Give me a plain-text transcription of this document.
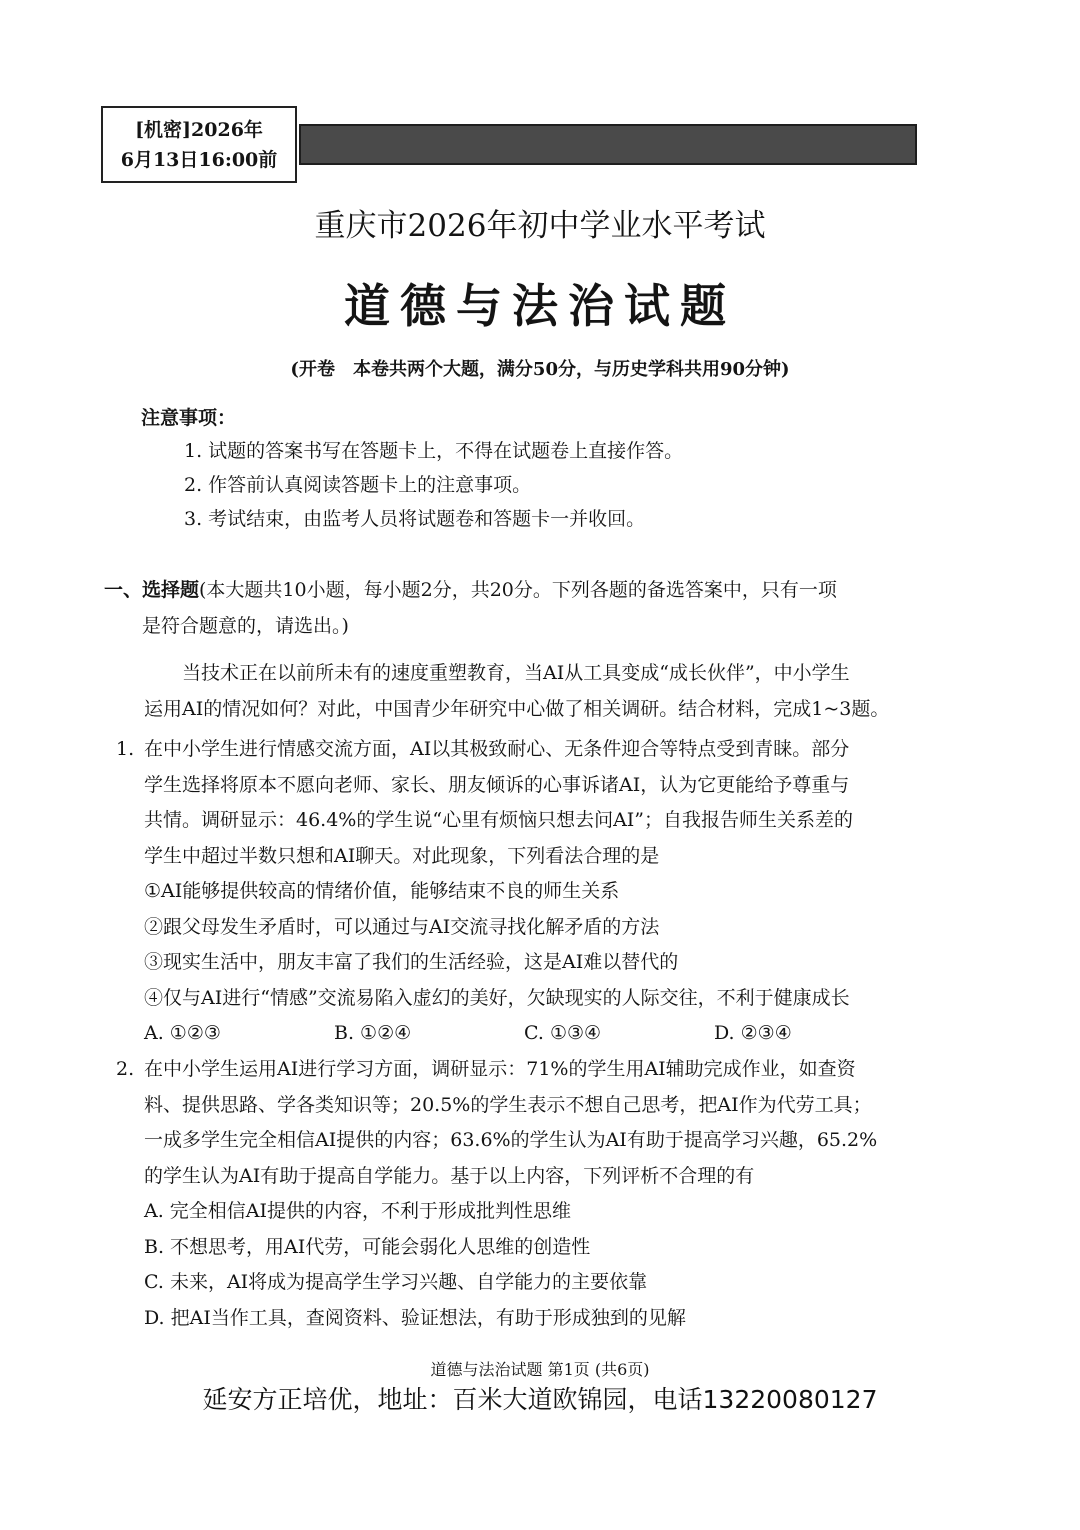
[机密]2026年
6月13日16:00前
重庆市2026年初中学业水平考试
道德与法治试题
(开卷　本卷共两个大题，满分50分，与历史学科共用90分钟)
注意事项：
1. 试题的答案书写在答题卡上，不得在试题卷上直接作答。
2. 作答前认真阅读答题卡上的注意事项。
3. 考试结束，由监考人员将试题卷和答题卡一并收回。
一、选择题(本大题共10小题，每小题2分，共20分。下列各题的备选答案中，只有一项
是符合题意的，请选出。)
当技术正在以前所未有的速度重塑教育，当AI从工具变成“成长伙伴”，中小学生
运用AI的情况如何？对此，中国青少年研究中心做了相关调研。结合材料，完成1~3题。
1. 在中小学生进行情感交流方面，AI以其极致耐心、无条件迎合等特点受到青睐。部分
学生选择将原本不愿向老师、家长、朋友倾诉的心事诉诸AI，认为它更能给予尊重与
共情。调研显示：46.4%的学生说“心里有烦恼只想去问AI”；自我报告师生关系差的
学生中超过半数只想和AI聊天。对此现象，下列看法合理的是
①AI能够提供较高的情绪价值，能够结束不良的师生关系
②跟父母发生矛盾时，可以通过与AI交流寻找化解矛盾的方法
③现实生活中，朋友丰富了我们的生活经验，这是AI难以替代的
④仅与AI进行“情感”交流易陷入虚幻的美好，欠缺现实的人际交往，不利于健康成长
A. ①②③	B. ①②④	C. ①③④	D. ②③④
2. 在中小学生运用AI进行学习方面，调研显示：71%的学生用AI辅助完成作业，如查资
料、提供思路、学各类知识等；20.5%的学生表示不想自己思考，把AI作为代劳工具；
一成多学生完全相信AI提供的内容；63.6%的学生认为AI有助于提高学习兴趣，65.2%
的学生认为AI有助于提高自学能力。基于以上内容，下列评析不合理的有
A. 完全相信AI提供的内容，不利于形成批判性思维
B. 不想思考，用AI代劳，可能会弱化人思维的创造性
C. 未来，AI将成为提高学生学习兴趣、自学能力的主要依靠
D. 把AI当作工具，查阅资料、验证想法，有助于形成独到的见解
道德与法治试题 第1页 (共6页)
延安方正培优，地址：百米大道欧锦园，电话13220080127
